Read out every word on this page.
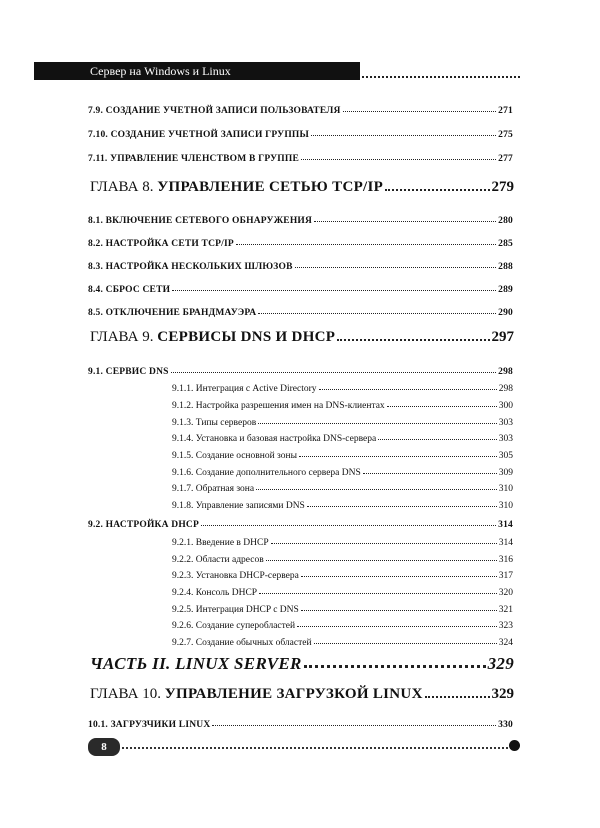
Сервер на Windows и Linux
7.9. СОЗДАНИЕ УЧЕТНОЙ ЗАПИСИ ПОЛЬЗОВАТЕЛЯ	271
7.10. СОЗДАНИЕ УЧЕТНОЙ ЗАПИСИ ГРУППЫ	275
7.11. УПРАВЛЕНИЕ ЧЛЕНСТВОМ В ГРУППЕ	277
ГЛАВА 8. УПРАВЛЕНИЕ СЕТЬЮ TCP/IP	279
8.1. ВКЛЮЧЕНИЕ СЕТЕВОГО ОБНАРУЖЕНИЯ	280
8.2. НАСТРОЙКА СЕТИ TCP/IP	285
8.3. НАСТРОЙКА НЕСКОЛЬКИХ ШЛЮЗОВ	288
8.4. СБРОС СЕТИ	289
8.5. ОТКЛЮЧЕНИЕ БРАНДМАУЭРА	290
ГЛАВА 9. СЕРВИСЫ DNS И DHCP	297
9.1. СЕРВИС DNS	298
9.1.1. Интеграция с Active Directory	298
9.1.2. Настройка разрешения имен на DNS-клиентах	300
9.1.3. Типы серверов	303
9.1.4. Установка и базовая настройка DNS-сервера	303
9.1.5. Создание основной зоны	305
9.1.6. Создание дополнительного сервера DNS	309
9.1.7. Обратная зона	310
9.1.8. Управление записями DNS	310
9.2. НАСТРОЙКА DHCP	314
9.2.1. Введение в DHCP	314
9.2.2. Области адресов	316
9.2.3. Установка DHCP-сервера	317
9.2.4. Консоль DHCP	320
9.2.5. Интеграция DHCP с DNS	321
9.2.6. Создание суперобластей	323
9.2.7. Создание обычных областей	324
ЧАСТЬ II. LINUX SERVER	329
ГЛАВА 10. УПРАВЛЕНИЕ ЗАГРУЗКОЙ LINUX	329
10.1. ЗАГРУЗЧИКИ LINUX	330
8
